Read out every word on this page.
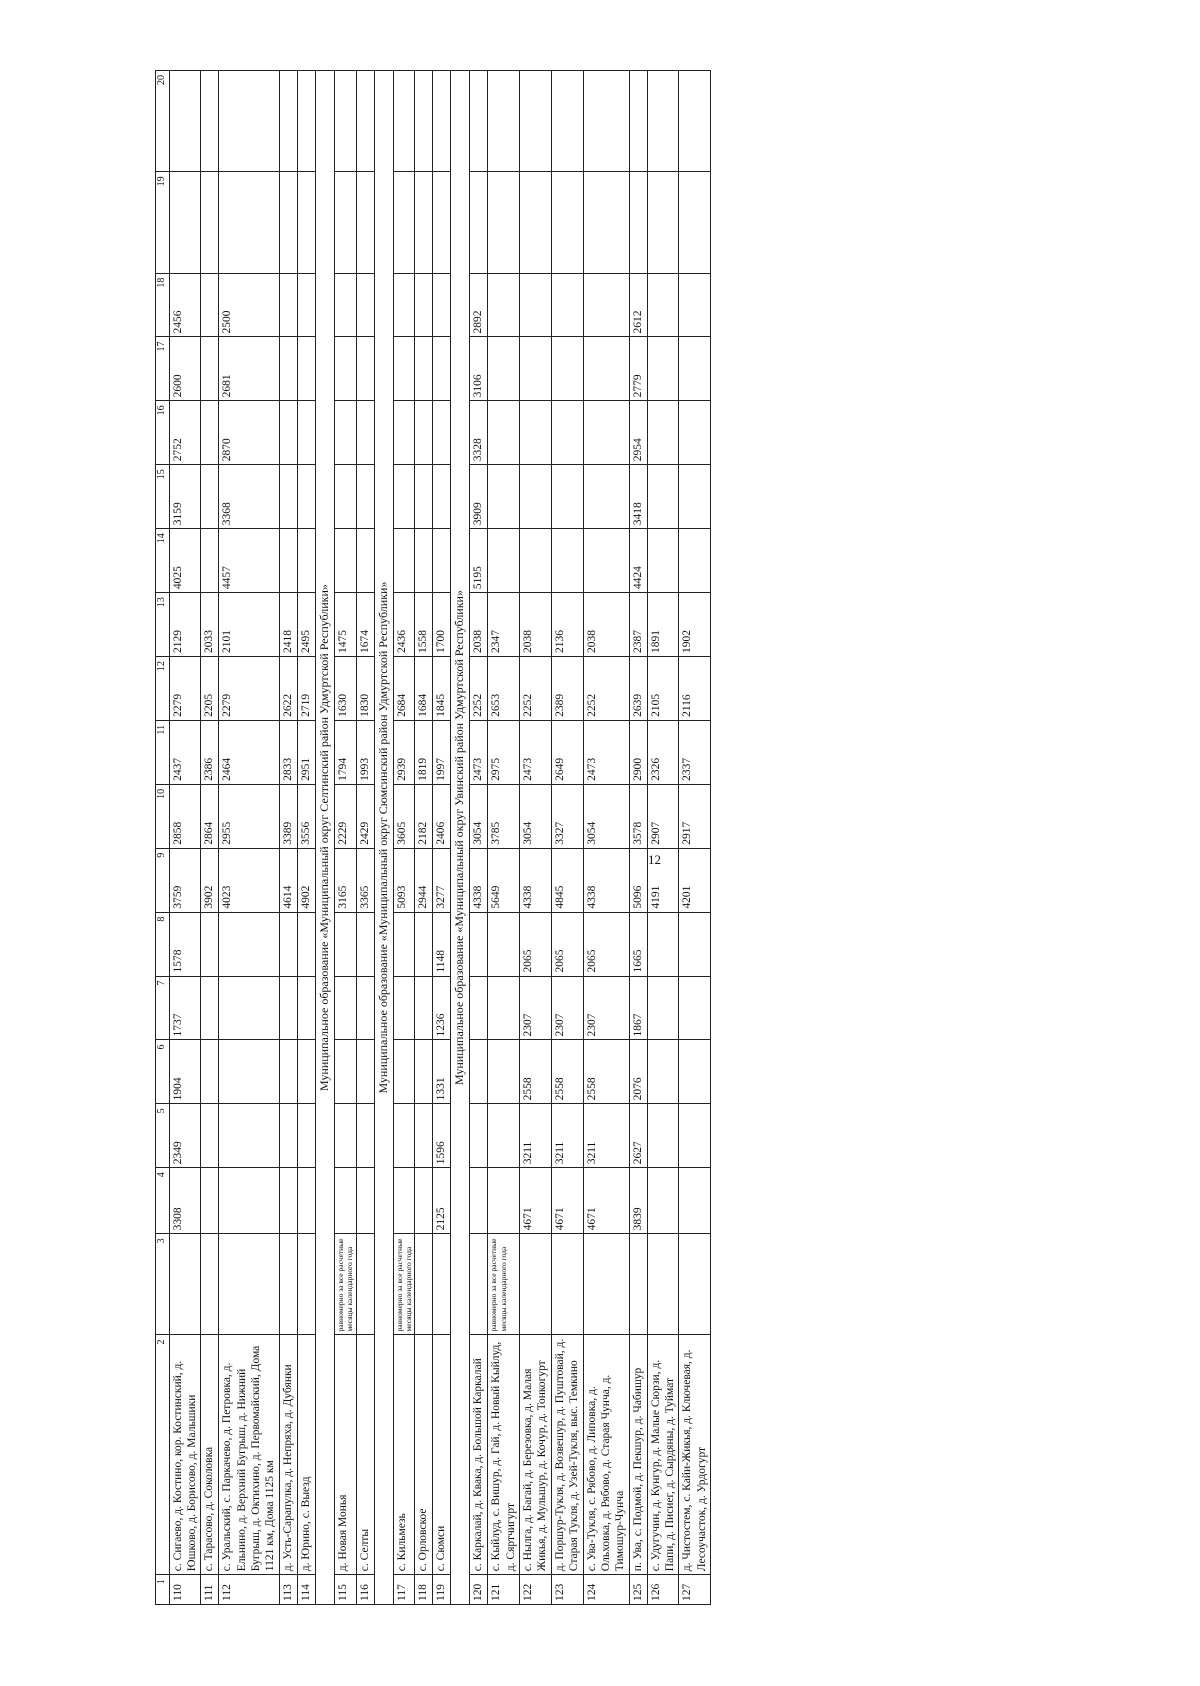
12
1	2	3	4	5	6	7	8	9	10	11	12	13	14	15	16	17	18	19	20
110	с. Сигаево, д. Костино, кор. Костинский, д. Юшково, д. Борисово, д. Мальшики		3308	2349	1904	1737	1578	3759	2858	2437	2279	2129	4025	3159	2752	2600	2456		
111	с. Тарасово, д. Соколовка							3902	2864	2386	2205	2033							
112	с. Уральский, с. Паркачево, д. Петровка, д. Ельнино, д. Верхний Бугрыш, д. Нижний Бугрыш, д. Октихино, д. Первомайский, Дома 1121 км, Дома 1125 км							4023	2955	2464	2279	2101	4457	3368	2870	2681	2500		
113	д. Усть-Сарапулка, д. Непряха, д. Дубянки							4614	3389	2833	2622	2418							
114	д. Юрино, с. Выезд							4902	3556	2951	2719	2495							
Муниципальное образование «Муниципальный округ Селтинский район Удмуртской Республики»																			
115	д. Новая Монья	равномерно за все расчетные месяцы календарного года						3165	2229	1794	1630	1475							
116	с. Селты							3365	2429	1993	1830	1674							
Муниципальное образование «Муниципальный округ Сюмсинский район Удмуртской Республики»																			
117	с. Кильмезь	равномерно за все расчетные месяцы календарного года						5093	3605	2939	2684	2436							
118	с. Орловское							2944	2182	1819	1684	1558							
119	с. Сюмси		2125	1596	1331	1236	1148	3277	2406	1997	1845	1700							
Муниципальное образование «Муниципальный округ Увинский район Удмуртской Республики»																			
120	с. Каркалай, д. Квака, д. Большой Каркалай							4338	3054	2473	2252	2038	5195	3909	3328	3106	2892		
121	с. Кыйлуд, с. Вишур, д. Гай, д. Новый Кыйлуд, д. Сяртчигурт	равномерно за все расчетные месяцы календарного года						5649	3785	2975	2653	2347							
122	с. Нылга, д. Багай, д. Березовка, д. Малая Жикья, д. Мульшур, д. Кочур, д. Тонкогурт		4671	3211	2558	2307	2065	4338	3054	2473	2252	2038							
123	д. Поршур-Тукля, д. Возвешур, д. Пуштовай, д. Старая Тукля, д. Узей-Тукля, выс. Темкино		4671	3211	2558	2307	2065	4845	3327	2649	2389	2136							
124	с. Ува-Тукля, с. Рябово, д. Липовка, д. Ольховка, д. Рябово, д. Старая Чунча, д. Тимошур-Чунча		4671	3211	2558	2307	2065	4338	3054	2473	2252	2038							
125	п. Ува, с. Подмой, д. Пекшур, д. Чабишур		3839	2627	2076	1867	1665	5096	3578	2900	2639	2387	4424	3418	2954	2779	2612		
126	с. Удугучин, д. Кунгур, д. Малые Сюрзи, д. Папи, д. Писиег, д. Сырдяны, д. Туймат							4191	2907	2326	2105	1891							
127	д. Чистостем, с. Кайи-Жикья, д. Ключевая, д. Лесоучасток, д. Урдогурт							4201	2917	2337	2116	1902							
